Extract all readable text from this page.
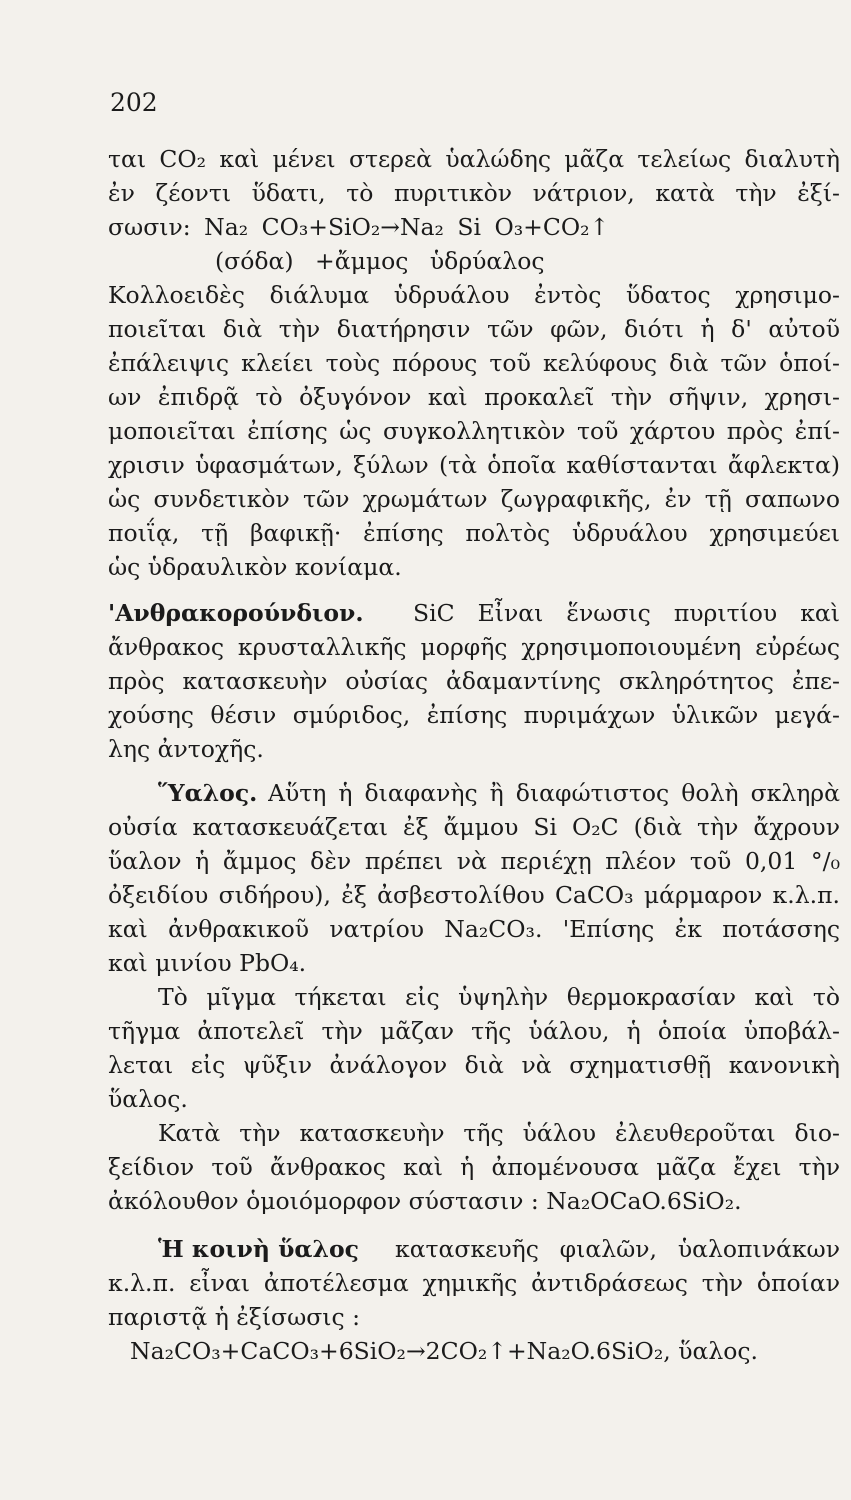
202
ται CO₂ καὶ μένει στερεὰ ὑαλώδης μᾶζα τελείως διαλυτὴ
ἐν ζέοντι ὕδατι, τὸ πυριτικὸν νάτριον, κατὰ τὴν ἐξί-
σωσιν: Na₂ CO₃+SiO₂→Na₂ Si O₃+CO₂↑
(σόδα) +ἄμμος ὑδρύαλος
Κολλοειδὲς διάλυμα ὑδρυάλου ἐντὸς ὕδατος χρησιμο-
ποιεῖται διὰ τὴν διατήρησιν τῶν φῶν, διότι ἡ δ' αὐτοῦ
ἐπάλειψις κλείει τοὺς πόρους τοῦ κελύφους διὰ τῶν ὁποί-
ων ἐπιδρᾷ τὸ ὀξυγόνον καὶ προκαλεῖ τὴν σῆψιν, χρησι-
μοποιεῖται ἐπίσης ὡς συγκολλητικὸν τοῦ χάρτου πρὸς ἐπί-
χρισιν ὑφασμάτων, ξύλων (τὰ ὁποῖα καθίστανται ἄφλεκτα)
ὡς συνδετικὸν τῶν χρωμάτων ζωγραφικῆς, ἐν τῇ σαπωνο
ποιΐᾳ, τῇ βαφικῇ· ἐπίσης πολτὸς ὑδρυάλου χρησιμεύει
ὡς ὑδραυλικὸν κονίαμα.
'Ανθρακορούνδιον.	SiC Εἶναι ἕνωσις πυριτίου καὶ
ἄνθρακος κρυσταλλικῆς μορφῆς χρησιμοποιουμένη εὐρέως
πρὸς κατασκευὴν οὐσίας ἀδαμαντίνης σκληρότητος ἐπε-
χούσης θέσιν σμύριδος, ἐπίσης πυριμάχων ὑλικῶν μεγά-
λης ἀντοχῆς.
Ὕαλος. Αὕτη ἡ διαφανὴς ἢ διαφώτιστος θολὴ σκληρὰ
οὐσία κατασκευάζεται ἐξ ἄμμου Si O₂C (διὰ τὴν ἄχρουν
ὕαλον ἡ ἄμμος δὲν πρέπει νὰ περιέχῃ πλέον τοῦ 0,01 °/₀
ὀξειδίου σιδήρου), ἐξ ἀσβεστολίθου CaCO₃ μάρμαρον κ.λ.π.
καὶ ἀνθρακικοῦ νατρίου Na₂CO₃. 'Επίσης ἐκ ποτάσσης
καὶ μινίου PbO₄.
Τὸ μῖγμα τήκεται εἰς ὑψηλὴν θερμοκρασίαν καὶ τὸ
τῆγμα ἀποτελεῖ τὴν μᾶζαν τῆς ὑάλου, ἡ ὁποία ὑποβάλ-
λεται εἰς ψῦξιν ἀνάλογον διὰ νὰ σχηματισθῇ κανονικὴ
ὕαλος.
Κατὰ τὴν κατασκευὴν τῆς ὑάλου ἐλευθεροῦται διο-
ξείδιον τοῦ ἄνθρακος καὶ ἡ ἀπομένουσα μᾶζα ἔχει τὴν
ἀκόλουθον ὁμοιόμορφον σύστασιν : Na₂OCaO.6SiO₂.
Ἡ κοινὴ ὕαλος	κατασκευῆς φιαλῶν, ὑαλοπινάκων
κ.λ.π. εἶναι ἀποτέλεσμα χημικῆς ἀντιδράσεως τὴν ὁποίαν
παριστᾷ ἡ ἐξίσωσις :
Na₂CO₃+CaCO₃+6SiO₂→2CO₂↑+Na₂O.6SiO₂, ὕαλος.
